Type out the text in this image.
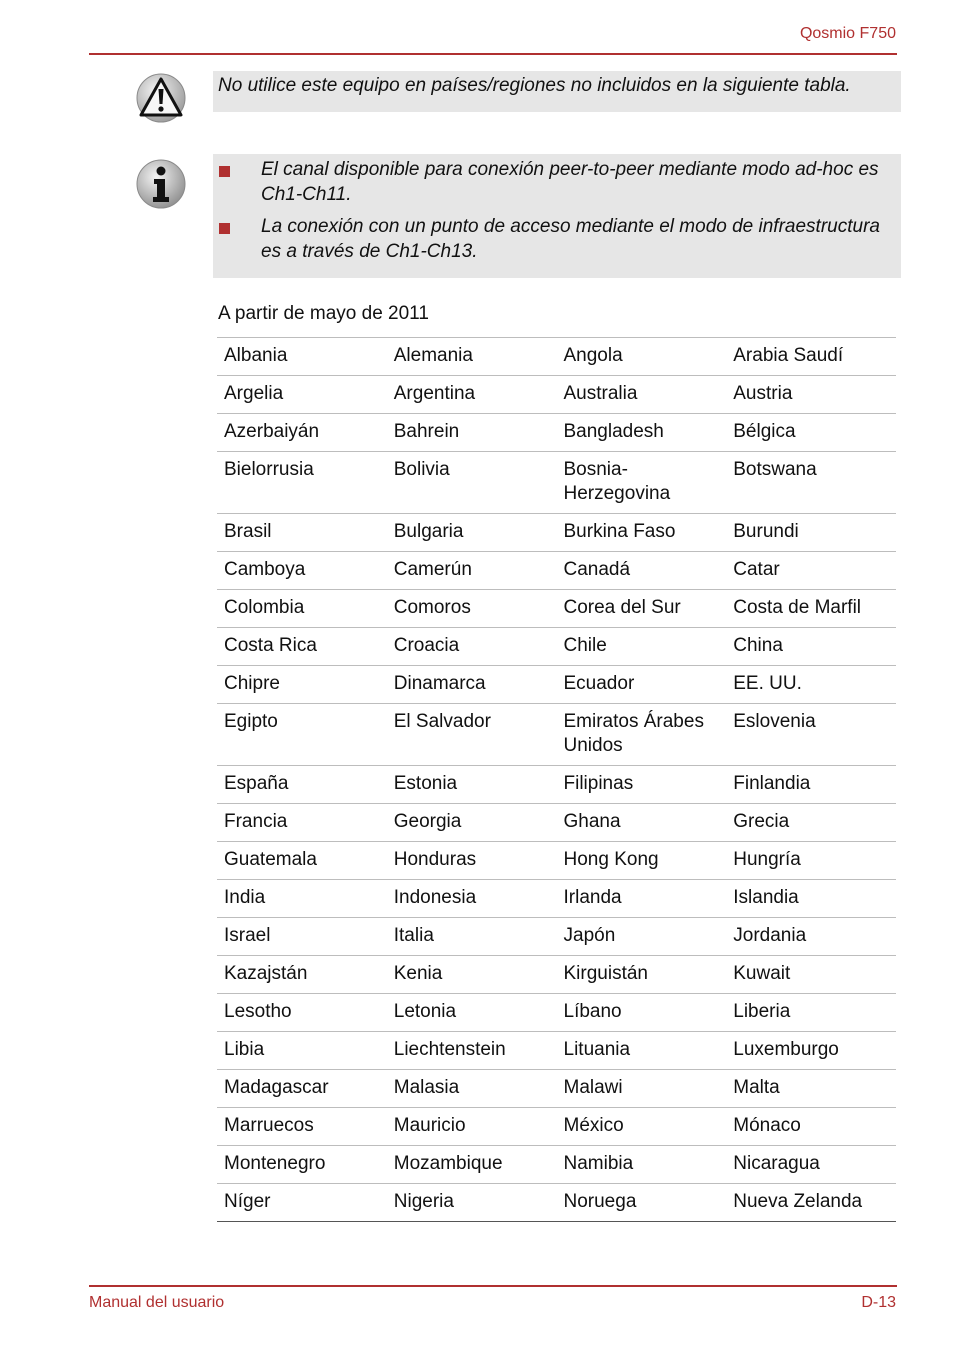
Qosmio F750
No utilice este equipo en países/regiones no incluidos en la siguiente tabla.
El canal disponible para conexión peer-to-peer mediante modo ad-hoc es Ch1-Ch11.
La conexión con un punto de acceso mediante el modo de infraestructura es a través de Ch1-Ch13.
A partir de mayo de 2011
Albania	Alemania	Angola	Arabia Saudí
Argelia	Argentina	Australia	Austria
Azerbaiyán	Bahrein	Bangladesh	Bélgica
Bielorrusia	Bolivia	Bosnia-Herzegovina	Botswana
Brasil	Bulgaria	Burkina Faso	Burundi
Camboya	Camerún	Canadá	Catar
Colombia	Comoros	Corea del Sur	Costa de Marfil
Costa Rica	Croacia	Chile	China
Chipre	Dinamarca	Ecuador	EE. UU.
Egipto	El Salvador	Emiratos Árabes Unidos	Eslovenia
España	Estonia	Filipinas	Finlandia
Francia	Georgia	Ghana	Grecia
Guatemala	Honduras	Hong Kong	Hungría
India	Indonesia	Irlanda	Islandia
Israel	Italia	Japón	Jordania
Kazajstán	Kenia	Kirguistán	Kuwait
Lesotho	Letonia	Líbano	Liberia
Libia	Liechtenstein	Lituania	Luxemburgo
Madagascar	Malasia	Malawi	Malta
Marruecos	Mauricio	México	Mónaco
Montenegro	Mozambique	Namibia	Nicaragua
Níger	Nigeria	Noruega	Nueva Zelanda
Manual del usuario	D-13
